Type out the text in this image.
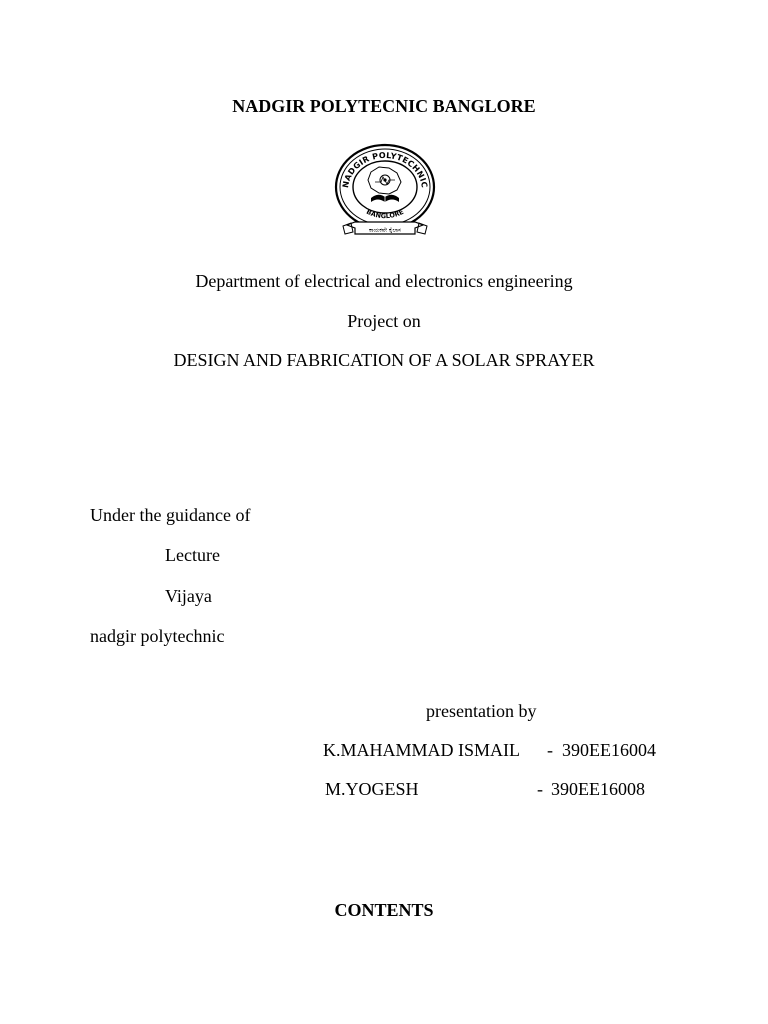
NADGIR POLYTECNIC BANGLORE
NADGIR POLYTECHNIC
BANGLORE
ಕಾಯಕವೇ ಕೈಲಾಸ
Department of electrical and electronics engineering
Project on
DESIGN AND FABRICATION OF A SOLAR SPRAYER
Under the guidance of
Lecture
Vijaya
nadgir polytechnic
presentation by
K.MAHAMMAD ISMAIL - 390EE16004
M.YOGESH	- 390EE16008
CONTENTS
